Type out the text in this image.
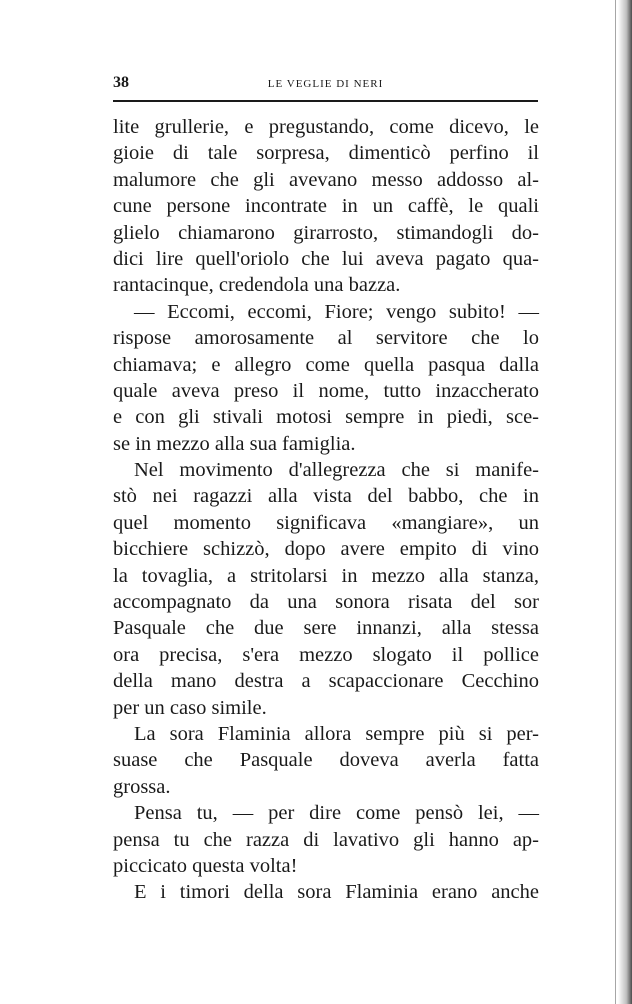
38	LE VEGLIE DI NERI
lite grullerie, e pregustando, come dicevo, le
gioie di tale sorpresa, dimenticò perfino il
malumore che gli avevano messo addosso al-
cune persone incontrate in un caffè, le quali
glielo chiamarono girarrosto, stimandogli do-
dici lire quell'oriolo che lui aveva pagato qua-
rantacinque, credendola una bazza.
— Eccomi, eccomi, Fiore; vengo subito! —
rispose amorosamente al servitore che lo
chiamava; e allegro come quella pasqua dalla
quale aveva preso il nome, tutto inzaccherato
e con gli stivali motosi sempre in piedi, sce-
se in mezzo alla sua famiglia.
Nel movimento d'allegrezza che si manife-
stò nei ragazzi alla vista del babbo, che in
quel momento significava «mangiare», un
bicchiere schizzò, dopo avere empito di vino
la tovaglia, a stritolarsi in mezzo alla stanza,
accompagnato da una sonora risata del sor
Pasquale che due sere innanzi, alla stessa
ora precisa, s'era mezzo slogato il pollice
della mano destra a scapaccionare Cecchino
per un caso simile.
La sora Flaminia allora sempre più si per-
suase che Pasquale doveva averla fatta
grossa.
Pensa tu, — per dire come pensò lei, —
pensa tu che razza di lavativo gli hanno ap-
piccicato questa volta!
E i timori della sora Flaminia erano anche
